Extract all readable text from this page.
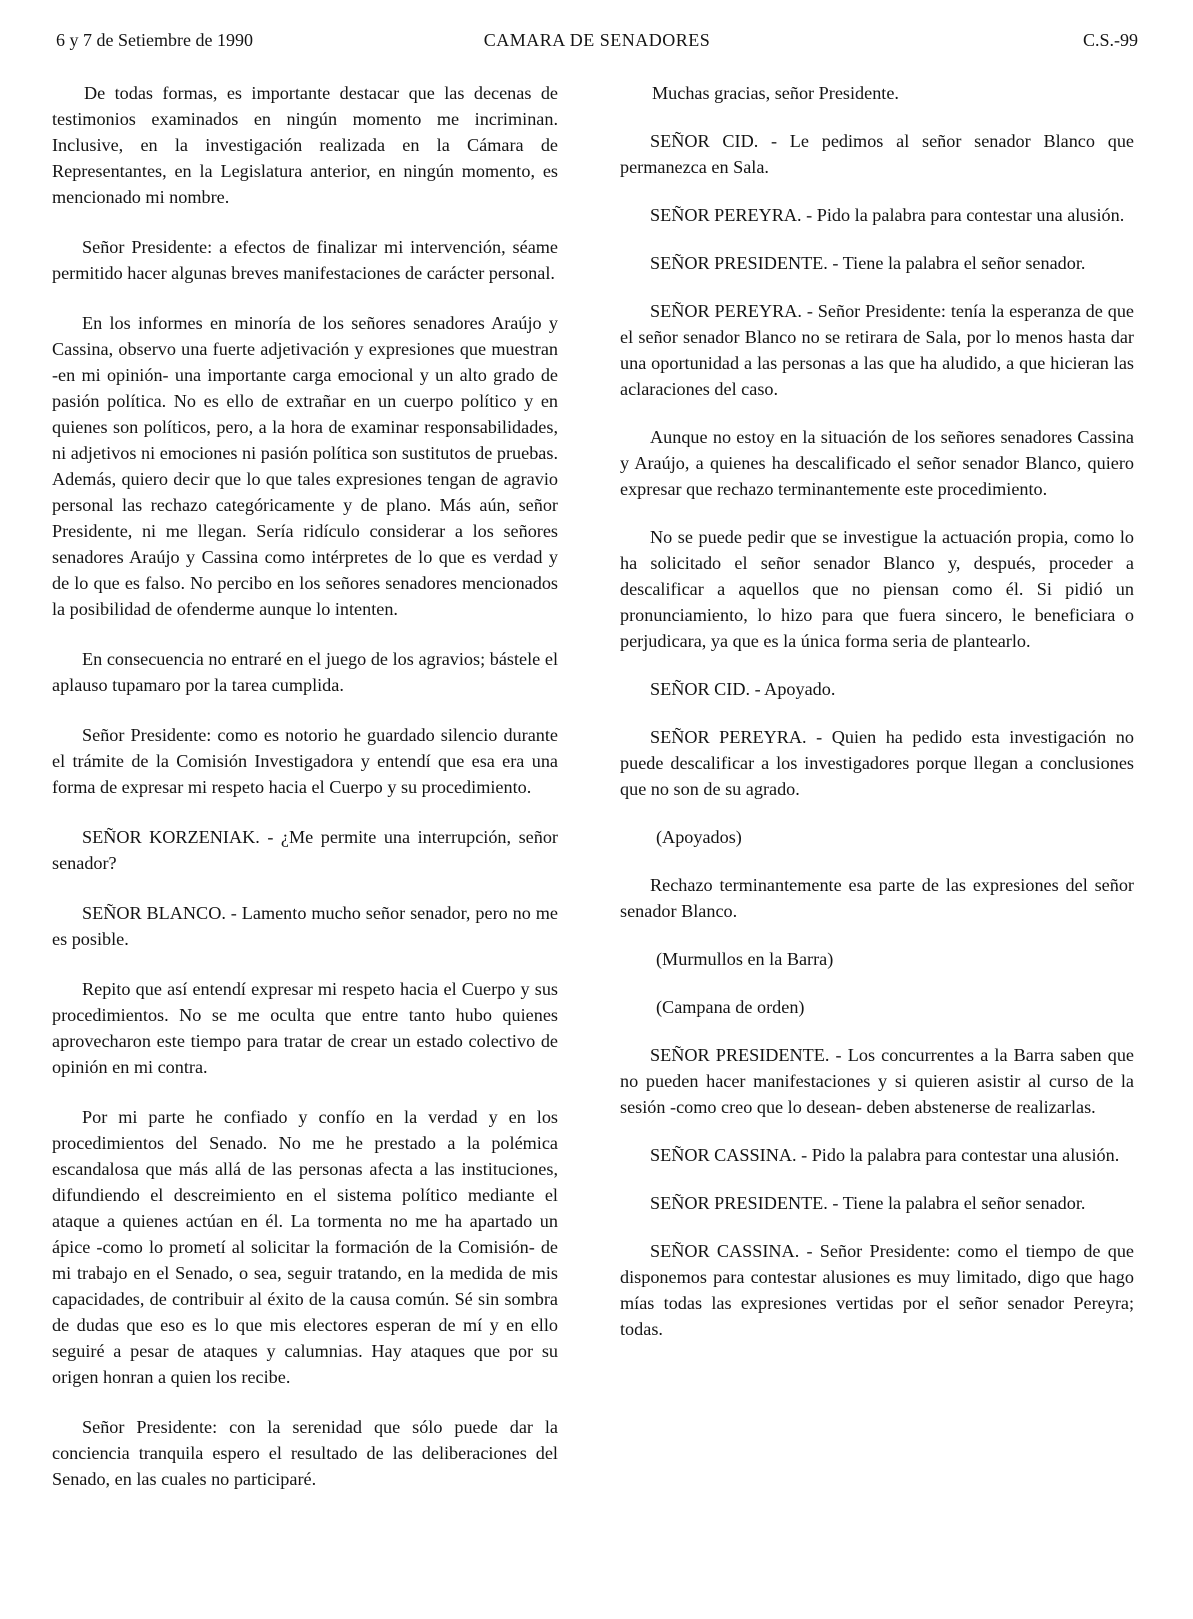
6 y 7 de Setiembre de 1990	CAMARA DE SENADORES	C.S.-99

De todas formas, es importante destacar que las decenas de testimonios examinados en ningún momento me incriminan. Inclusive, en la investigación realizada en la Cámara de Representantes, en la Legislatura anterior, en ningún momento, es mencionado mi nombre.

Señor Presidente: a efectos de finalizar mi intervención, séame permitido hacer algunas breves manifestaciones de carácter personal.

En los informes en minoría de los señores senadores Araújo y Cassina, observo una fuerte adjetivación y expresiones que muestran -en mi opinión- una importante carga emocional y un alto grado de pasión política. No es ello de extrañar en un cuerpo político y en quienes son políticos, pero, a la hora de examinar responsabilidades, ni adjetivos ni emociones ni pasión política son sustitutos de pruebas. Además, quiero decir que lo que tales expresiones tengan de agravio personal las rechazo categóricamente y de plano. Más aún, señor Presidente, ni me llegan. Sería ridículo considerar a los señores senadores Araújo y Cassina como intérpretes de lo que es verdad y de lo que es falso. No percibo en los señores senadores mencionados la posibilidad de ofenderme aunque lo intenten.

En consecuencia no entraré en el juego de los agravios; bástele el aplauso tupamaro por la tarea cumplida.

Señor Presidente: como es notorio he guardado silencio durante el trámite de la Comisión Investigadora y entendí que esa era una forma de expresar mi respeto hacia el Cuerpo y su procedimiento.

SEÑOR KORZENIAK. - ¿Me permite una interrupción, señor senador?

SEÑOR BLANCO. - Lamento mucho señor senador, pero no me es posible.

Repito que así entendí expresar mi respeto hacia el Cuerpo y sus procedimientos. No se me oculta que entre tanto hubo quienes aprovecharon este tiempo para tratar de crear un estado colectivo de opinión en mi contra.

Por mi parte he confiado y confío en la verdad y en los procedimientos del Senado. No me he prestado a la polémica escandalosa que más allá de las personas afecta a las instituciones, difundiendo el descreimiento en el sistema político mediante el ataque a quienes actúan en él. La tormenta no me ha apartado un ápice -como lo prometí al solicitar la formación de la Comisión- de mi trabajo en el Senado, o sea, seguir tratando, en la medida de mis capacidades, de contribuir al éxito de la causa común. Sé sin sombra de dudas que eso es lo que mis electores esperan de mí y en ello seguiré a pesar de ataques y calumnias. Hay ataques que por su origen honran a quien los recibe.

Señor Presidente: con la serenidad que sólo puede dar la conciencia tranquila espero el resultado de las deliberaciones del Senado, en las cuales no participaré.

Muchas gracias, señor Presidente.

SEÑOR CID. - Le pedimos al señor senador Blanco que permanezca en Sala.

SEÑOR PEREYRA. - Pido la palabra para contestar una alusión.

SEÑOR PRESIDENTE. - Tiene la palabra el señor senador.

SEÑOR PEREYRA. - Señor Presidente: tenía la esperanza de que el señor senador Blanco no se retirara de Sala, por lo menos hasta dar una oportunidad a las personas a las que ha aludido, a que hicieran las aclaraciones del caso.

Aunque no estoy en la situación de los señores senadores Cassina y Araújo, a quienes ha descalificado el señor senador Blanco, quiero expresar que rechazo terminantemente este procedimiento.

No se puede pedir que se investigue la actuación propia, como lo ha solicitado el señor senador Blanco y, después, proceder a descalificar a aquellos que no piensan como él. Si pidió un pronunciamiento, lo hizo para que fuera sincero, le beneficiara o perjudicara, ya que es la única forma seria de plantearlo.

SEÑOR CID. - Apoyado.

SEÑOR PEREYRA. - Quien ha pedido esta investigación no puede descalificar a los investigadores porque llegan a conclusiones que no son de su agrado.

(Apoyados)

Rechazo terminantemente esa parte de las expresiones del señor senador Blanco.

(Murmullos en la Barra)

(Campana de orden)

SEÑOR PRESIDENTE. - Los concurrentes a la Barra saben que no pueden hacer manifestaciones y si quieren asistir al curso de la sesión -como creo que lo desean- deben abstenerse de realizarlas.

SEÑOR CASSINA. - Pido la palabra para contestar una alusión.

SEÑOR PRESIDENTE. - Tiene la palabra el señor senador.

SEÑOR CASSINA. - Señor Presidente: como el tiempo de que disponemos para contestar alusiones es muy limitado, digo que hago mías todas las expresiones vertidas por el señor senador Pereyra; todas.
